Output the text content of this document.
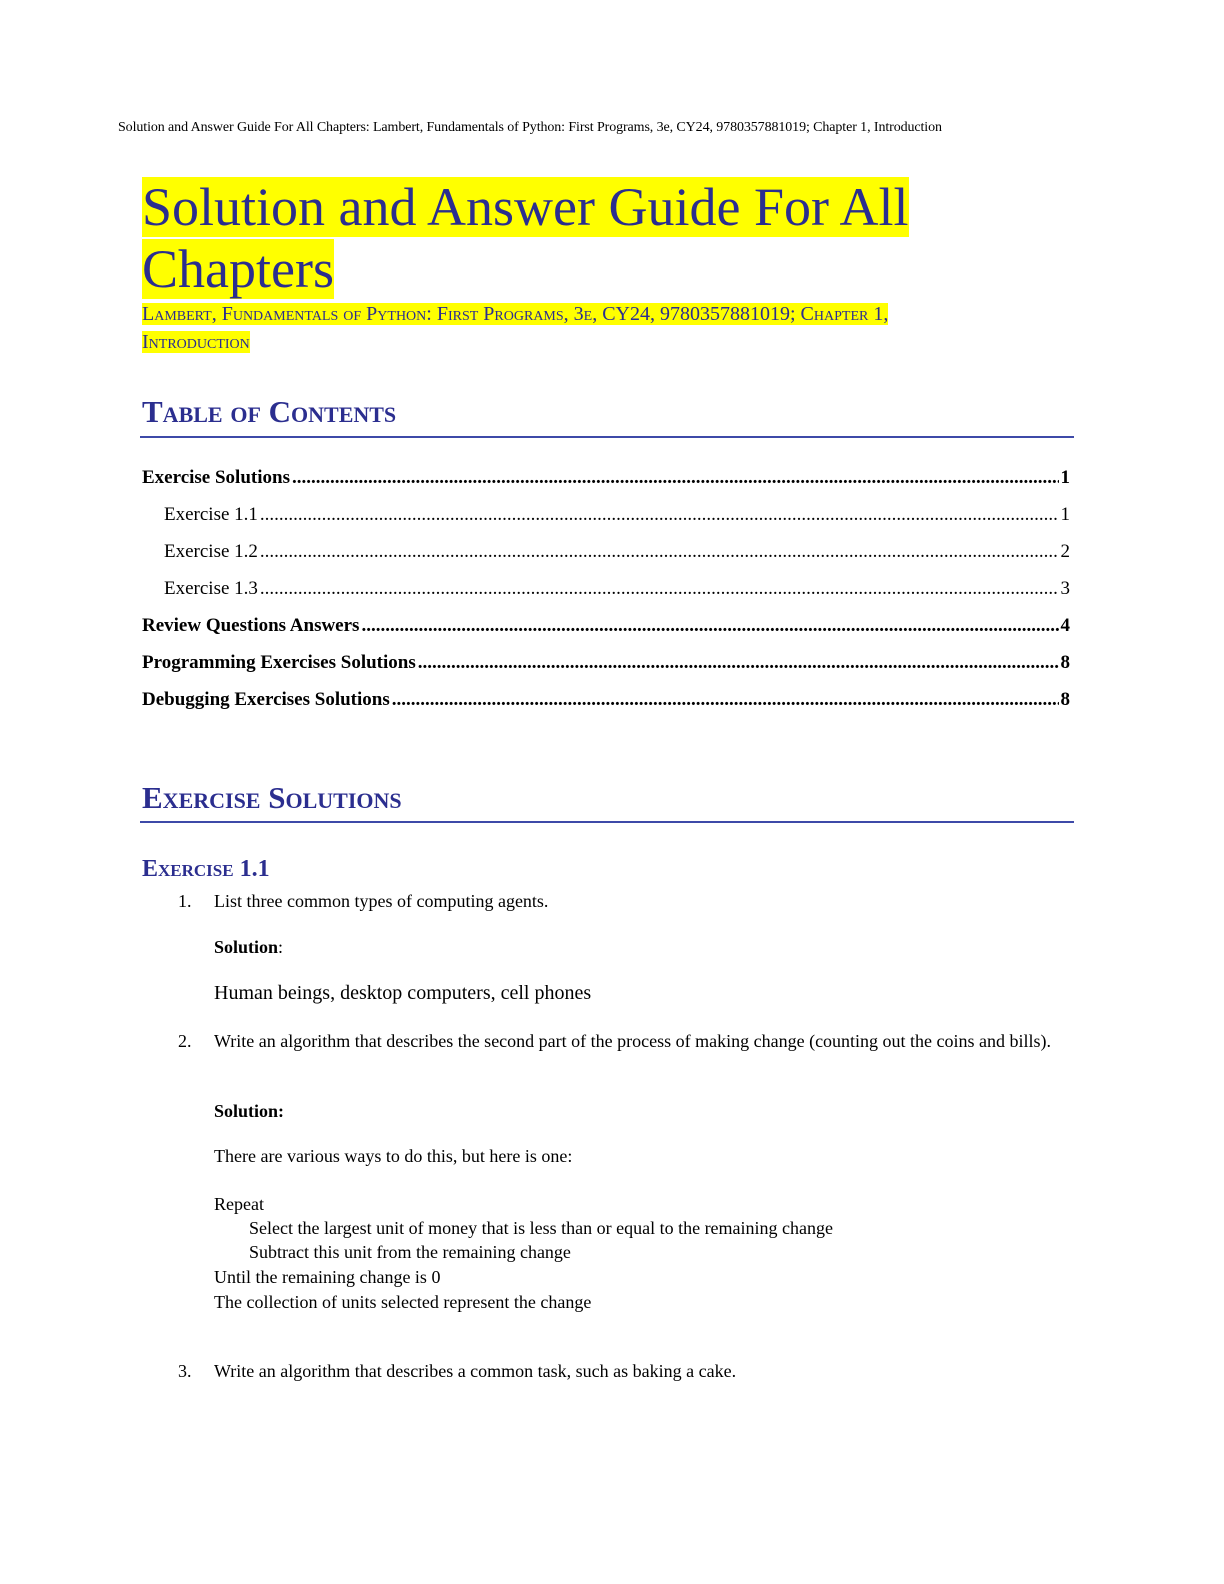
Solution and Answer Guide For All Chapters: Lambert, Fundamentals of Python: First Programs, 3e, CY24, 9780357881019; Chapter 1, Introduction
Solution and Answer Guide For All
Chapters
Lambert, Fundamentals of Python: First Programs, 3e, CY24, 9780357881019; Chapter 1,
Introduction
Table of Contents
Exercise Solutions .....	1
Exercise 1.1 .....	1
Exercise 1.2 .....	2
Exercise 1.3 .....	3
Review Questions Answers .....	4
Programming Exercises Solutions .....	8
Debugging Exercises Solutions .....	8
Exercise Solutions
Exercise 1.1
1. List three common types of computing agents.
Solution:
Human beings, desktop computers, cell phones
2. Write an algorithm that describes the second part of the process of making change (counting out the coins and bills).
Solution:
There are various ways to do this, but here is one:
Repeat
Select the largest unit of money that is less than or equal to the remaining change
Subtract this unit from the remaining change
Until the remaining change is 0
The collection of units selected represent the change
3. Write an algorithm that describes a common task, such as baking a cake.
